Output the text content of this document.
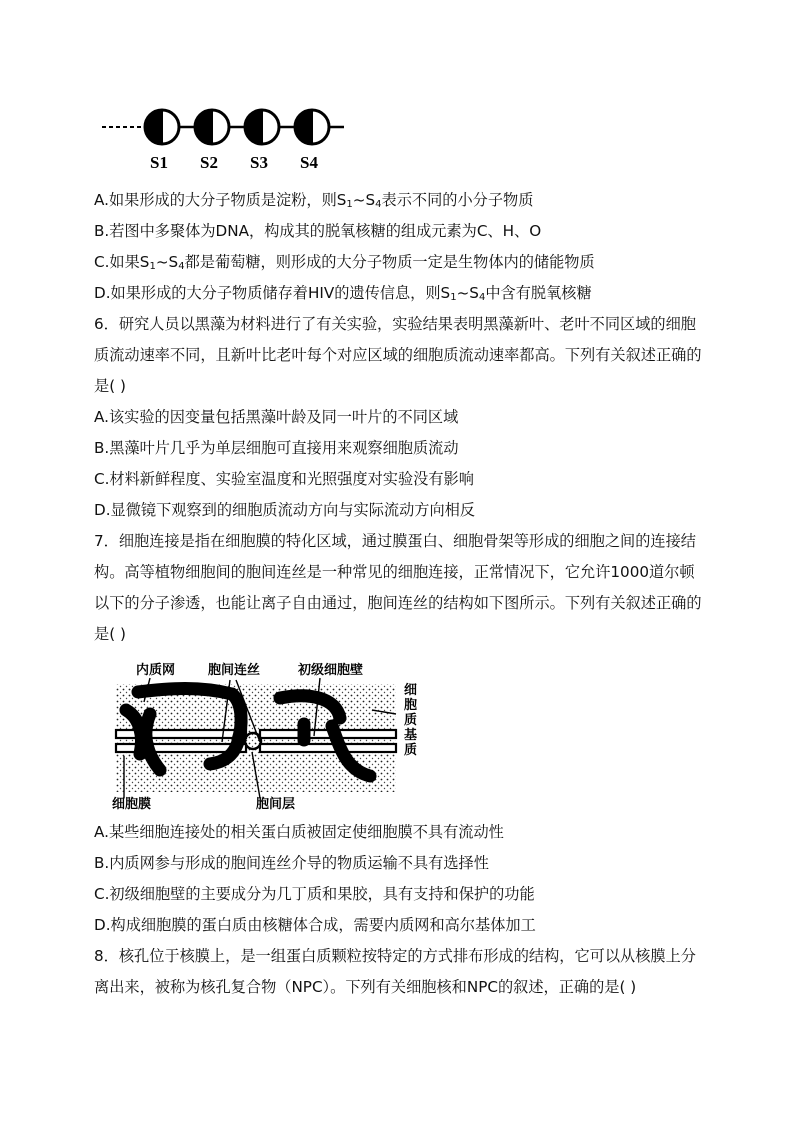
S1 S2 S3 S4
A.如果形成的大分子物质是淀粉，则$S_1\sim S_4$表示不同的小分子物质
B.若图中多聚体为DNA，构成其的脱氧核糖的组成元素为C、H、O
C.如果$S_1\sim S_4$都是葡萄糖，则形成的大分子物质一定是生物体内的储能物质
D.如果形成的大分子物质储存着HIV的遗传信息，则$S_1\sim S_4$中含有脱氧核糖
6．研究人员以黑藻为材料进行了有关实验，实验结果表明黑藻新叶、老叶不同区域的细胞质流动速率不同，且新叶比老叶每个对应区域的细胞质流动速率都高。下列有关叙述正确的是( )
A.该实验的因变量包括黑藻叶龄及同一叶片的不同区域
B.黑藻叶片几乎为单层细胞可直接用来观察细胞质流动
C.材料新鲜程度、实验室温度和光照强度对实验没有影响
D.显微镜下观察到的细胞质流动方向与实际流动方向相反
7．细胞连接是指在细胞膜的特化区域，通过膜蛋白、细胞骨架等形成的细胞之间的连接结构。高等植物细胞间的胞间连丝是一种常见的细胞连接，正常情况下，它允许1000道尔顿以下的分子渗透，也能让离子自由通过，胞间连丝的结构如下图所示。下列有关叙述正确的是( )
内质网	胞间连丝	初级细胞壁
细
胞
质
基
质
细胞膜	胞间层
A.某些细胞连接处的相关蛋白质被固定使细胞膜不具有流动性
B.内质网参与形成的胞间连丝介导的物质运输不具有选择性
C.初级细胞壁的主要成分为几丁质和果胶，具有支持和保护的功能
D.构成细胞膜的蛋白质由核糖体合成，需要内质网和高尔基体加工
8．核孔位于核膜上，是一组蛋白质颗粒按特定的方式排布形成的结构，它可以从核膜上分离出来，被称为核孔复合物（NPC）。下列有关细胞核和NPC的叙述，正确的是( )
